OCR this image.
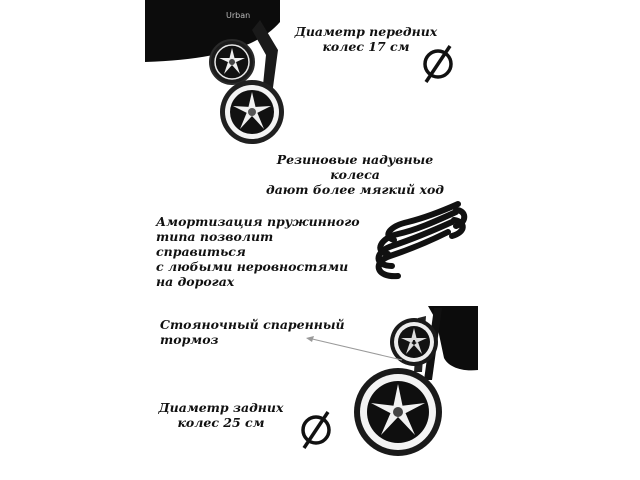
Urban

Диаметр передних
колес 17 см

Резиновые надувные колеса
дают более мягкий ход

Амортизация пружинного
типа позволит справиться
с любыми неровностями
на дорогах

Стояночный спаренный тормоз

Диаметр задних
колес 25 см
